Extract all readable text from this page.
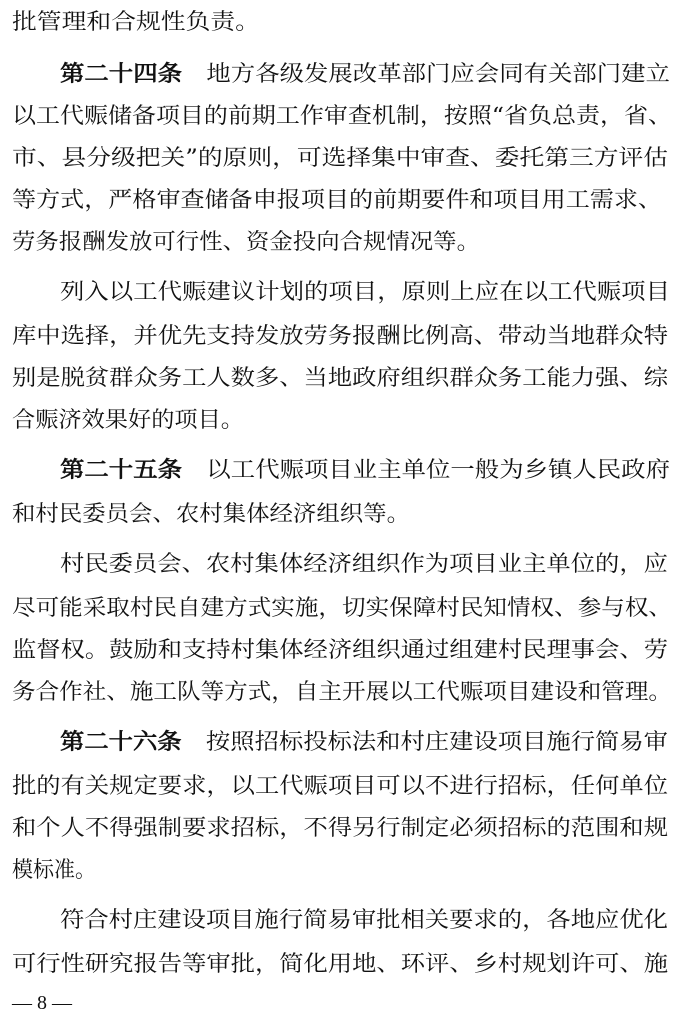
批管理和合规性负责。
第二十四条  地方各级发展改革部门应会同有关部门建立
以工代赈储备项目的前期工作审查机制，按照“省负总责，省、
市、县分级把关”的原则，可选择集中审查、委托第三方评估
等方式，严格审查储备申报项目的前期要件和项目用工需求、
劳务报酬发放可行性、资金投向合规情况等。
列入以工代赈建议计划的项目，原则上应在以工代赈项目
库中选择，并优先支持发放劳务报酬比例高、带动当地群众特
别是脱贫群众务工人数多、当地政府组织群众务工能力强、综
合赈济效果好的项目。
第二十五条  以工代赈项目业主单位一般为乡镇人民政府
和村民委员会、农村集体经济组织等。
村民委员会、农村集体经济组织作为项目业主单位的，应
尽可能采取村民自建方式实施，切实保障村民知情权、参与权、
监督权。鼓励和支持村集体经济组织通过组建村民理事会、劳
务合作社、施工队等方式，自主开展以工代赈项目建设和管理。
第二十六条  按照招标投标法和村庄建设项目施行简易审
批的有关规定要求，以工代赈项目可以不进行招标，任何单位
和个人不得强制要求招标，不得另行制定必须招标的范围和规
模标准。
符合村庄建设项目施行简易审批相关要求的，各地应优化
可行性研究报告等审批，简化用地、环评、乡村规划许可、施
— 8 —
